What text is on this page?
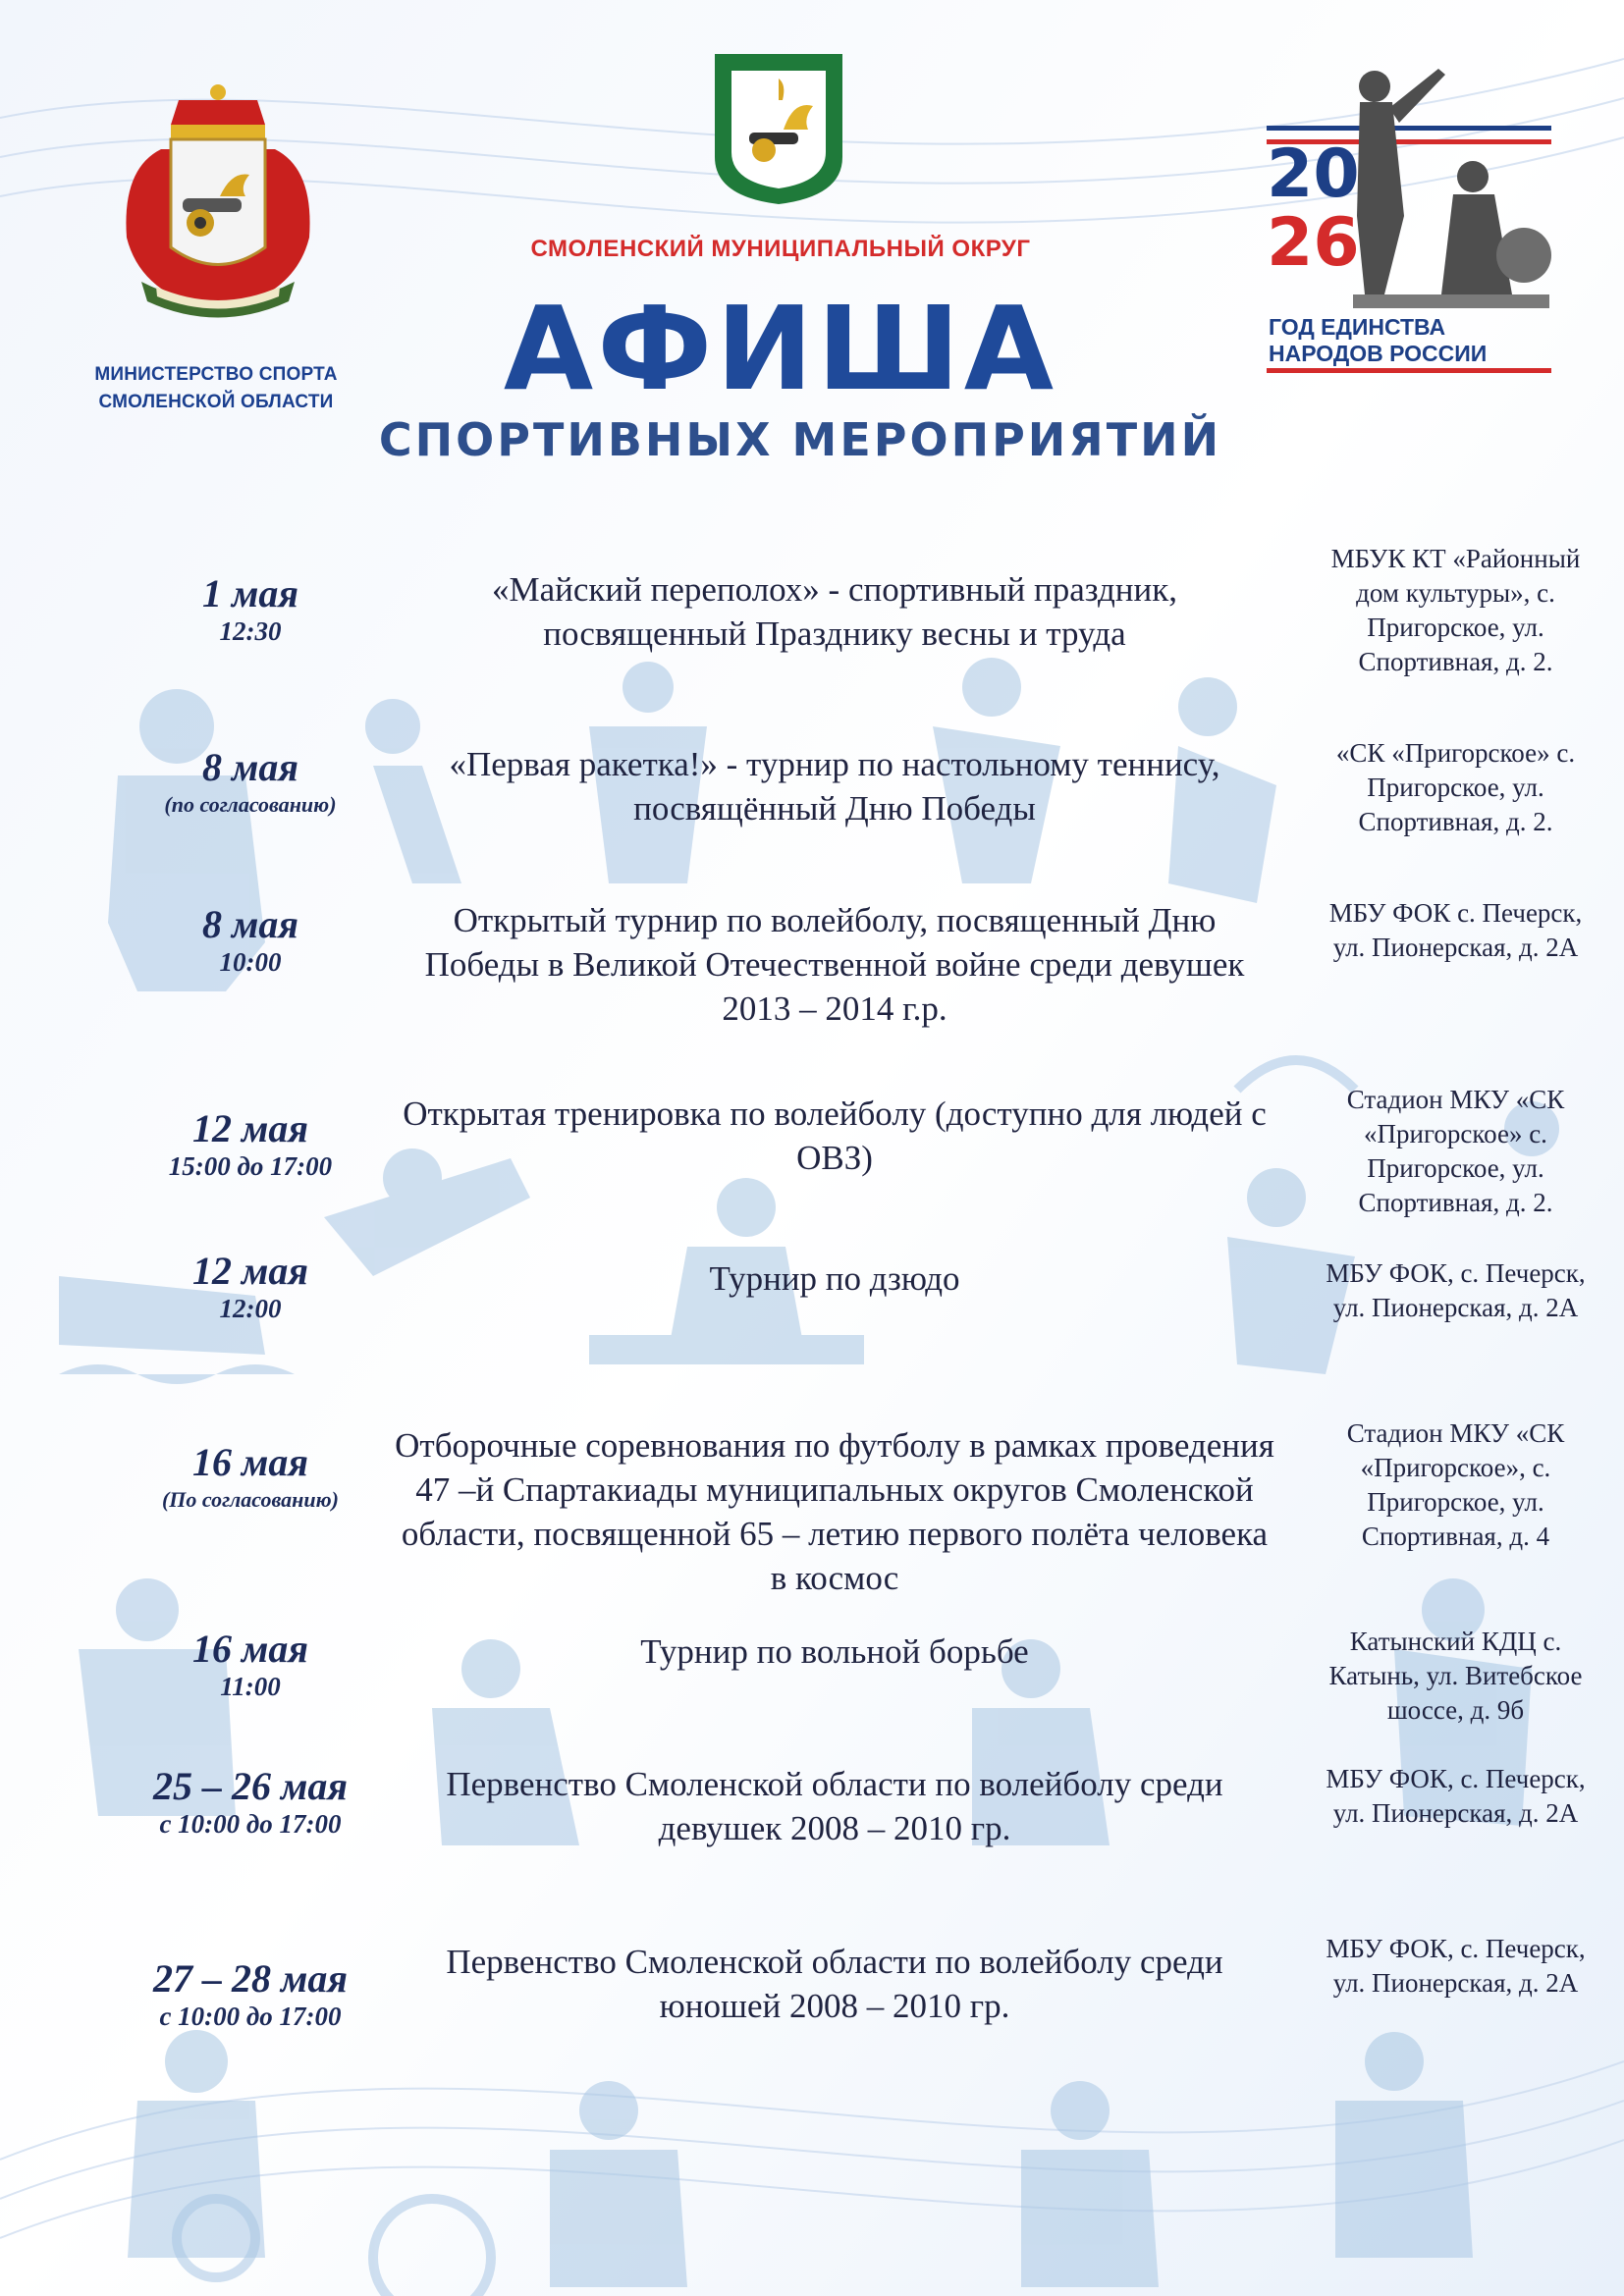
МИНИСТЕРСТВО СПОРТА СМОЛЕНСКОЙ ОБЛАСТИ
СМОЛЕНСКИЙ МУНИЦИПАЛЬНЫЙ ОКРУГ
АФИША
СПОРТИВНЫХ МЕРОПРИЯТИЙ
20
26
ГОД ЕДИНСТВА НАРОДОВ РОССИИ
1 мая
12:30
«Майский переполох» - спортивный праздник, посвященный Празднику весны и труда
МБУК КТ «Районный дом культуры», с. Пригорское, ул. Спортивная, д. 2.
8 мая
(по согласованию)
«Первая ракетка!» - турнир по настольному теннису, посвящённый Дню Победы
«СК «Пригорское» с. Пригорское, ул. Спортивная, д. 2.
8 мая
10:00
Открытый турнир по волейболу, посвященный Дню Победы в Великой Отечественной войне среди девушек 2013 – 2014 г.р.
МБУ ФОК с. Печерск, ул. Пионерская, д. 2А
12 мая
15:00 до 17:00
Открытая тренировка по волейболу (доступно для людей с ОВЗ)
Стадион МКУ «СК «Пригорское» с. Пригорское, ул. Спортивная, д. 2.
12 мая
12:00
Турнир по дзюдо	МБУ ФОК, с. Печерск, ул. Пионерская, д. 2А
16 мая
(По согласованию)
Отборочные соревнования по футболу в рамках проведения 47 –й Спартакиады муниципальных округов Смоленской области, посвященной 65 – летию первого полёта человека в космос
Стадион МКУ «СК «Пригорское», с. Пригорское, ул. Спортивная, д. 4
16 мая
11:00
Турнир по вольной борьбе	Катынский КДЦ с. Катынь, ул. Витебское шоссе, д. 9б
25 – 26 мая
с 10:00 до 17:00
Первенство Смоленской области по волейболу среди девушек 2008 – 2010 гр.
МБУ ФОК, с. Печерск, ул. Пионерская, д. 2А
27 – 28 мая
с 10:00 до 17:00
Первенство Смоленской области по волейболу среди юношей 2008 – 2010 гр.
МБУ ФОК, с. Печерск, ул. Пионерская, д. 2А
